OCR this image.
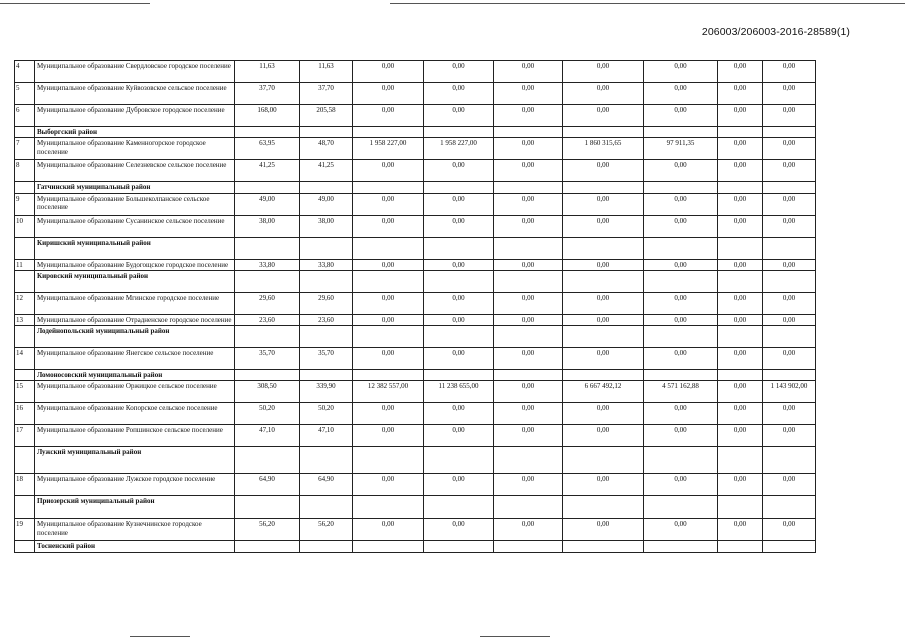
206003/206003-2016-28589(1)
4	Муниципальное образование Свердловское городское поселение	11,63	11,63	0,00	0,00	0,00	0,00	0,00	0,00	0,00
5	Муниципальное образование Куйвозовское сельское поселение	37,70	37,70	0,00	0,00	0,00	0,00	0,00	0,00	0,00
6	Муниципальное образование Дубровское городское поселение	168,00	205,58	0,00	0,00	0,00	0,00	0,00	0,00	0,00
	Выборгский район									
7	Муниципальное образование Каменногорское городское поселение	63,95	48,70	1 958 227,00	1 958 227,00	0,00	1 860 315,65	97 911,35	0,00	0,00
8	Муниципальное образование Селезневское сельское поселение	41,25	41,25	0,00	0,00	0,00	0,00	0,00	0,00	0,00
	Гатчинский муниципальный район									
9	Муниципальное образование Большеколпанское сельское поселение	49,00	49,00	0,00	0,00	0,00	0,00	0,00	0,00	0,00
10	Муниципальное образование Сусанинское сельское поселение	38,00	38,00	0,00	0,00	0,00	0,00	0,00	0,00	0,00
	Киришский муниципальный район									
11	Муниципальное образование Будогощское городское поселение	33,80	33,80	0,00	0,00	0,00	0,00	0,00	0,00	0,00
	Кировский муниципальный район									
12	Муниципальное образование Мгинское городское поселение	29,60	29,60	0,00	0,00	0,00	0,00	0,00	0,00	0,00
13	Муниципальное образование Отрадненское городское поселение	23,60	23,60	0,00	0,00	0,00	0,00	0,00	0,00	0,00
	Лодейнопольский муниципальный район									
14	Муниципальное образование Янегское сельское поселение	35,70	35,70	0,00	0,00	0,00	0,00	0,00	0,00	0,00
	Ломоносовский муниципальный район									
15	Муниципальное образование Оржицкое сельское поселение	308,50	339,90	12 382 557,00	11 238 655,00	0,00	6 667 492,12	4 571 162,88	0,00	1 143 902,00
16	Муниципальное образование Копорское сельское поселение	50,20	50,20	0,00	0,00	0,00	0,00	0,00	0,00	0,00
17	Муниципальное образование Ропшинское сельское поселение	47,10	47,10	0,00	0,00	0,00	0,00	0,00	0,00	0,00
	Лужский муниципальный район									
18	Муниципальное образование Лужское городское поселение	64,90	64,90	0,00	0,00	0,00	0,00	0,00	0,00	0,00
	Приозерский муниципальный район									
19	Муниципальное образование Кузнечнинское городское поселение	56,20	56,20	0,00	0,00	0,00	0,00	0,00	0,00	0,00
	Тосненский район									
